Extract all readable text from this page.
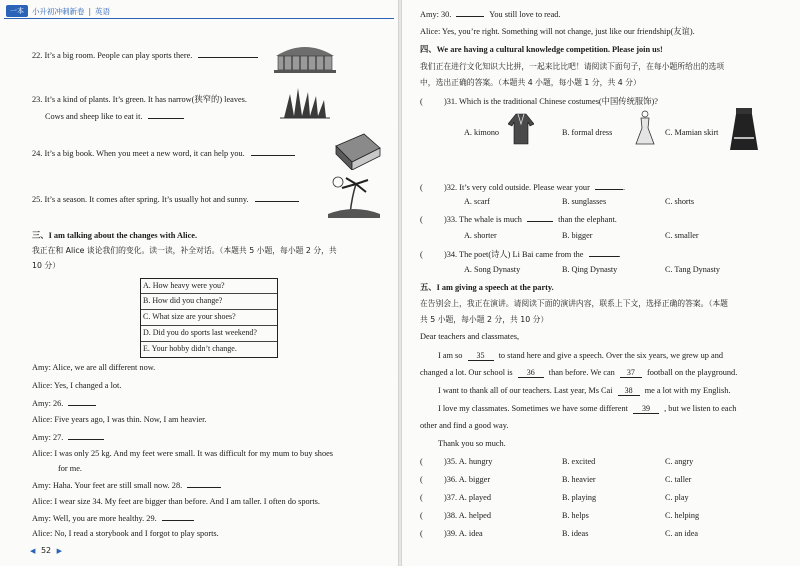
一本	小升初冲刺新卷 | 英语
22. It’s a big room. People can play sports there.
23. It’s a kind of plants. It’s green. It has narrow(狭窄的) leaves.
Cows and sheep like to eat it.
24. It’s a big book. When you meet a new word, it can help you.
25. It’s a season. It comes after spring. It’s usually hot and sunny.
三、I am talking about the changes with Alice.
我正在和 Alice 谈论我们的变化。读一读，补全对话。（本题共 5 小题，每小题 2 分，共
10 分）
A. How heavy were you?
B. How did you change?
C. What size are your shoes?
D. Did you do sports last weekend?
E. Your hobby didn’t change.
Amy: Alice, we are all different now.
Alice: Yes, I changed a lot.
Amy: 26.
Alice: Five years ago, I was thin. Now, I am heavier.
Amy: 27.
Alice: I was only 25 kg. And my feet were small. It was difficult for my mum to buy shoes
for me.
Amy: Haha. Your feet are still small now. 28.
Alice: I wear size 34. My feet are bigger than before. And I am taller. I often do sports.
Amy: Well, you are more healthy. 29.
Alice: No, I read a storybook and I forgot to play sports.
◀ 52 ▶
Amy: 30.	You still love to read.
Alice: Yes, you’re right. Something will not change, just like our friendship(友谊).
四、We are having a cultural knowledge competition. Please join us!
我们正在进行文化知识大比拼，一起来比比吧！请阅读下面句子，在每小题所给出的选项
中，选出正确的答案。（本题共 4 小题，每小题 1 分，共 4 分）
(	)31. Which is the traditional Chinese costumes(中国传统服饰)?
A. kimono	B. formal dress	C. Mamian skirt
(	)32. It’s very cold outside. Please wear your	.
A. scarf	B. sunglasses	C. shorts
(	)33. The whale is much	than the elephant.
A. shorter	B. bigger	C. smaller
(	)34. The poet(诗人) Li Bai came from the	.
A. Song Dynasty	B. Qing Dynasty	C. Tang Dynasty
五、I am giving a speech at the party.
在告别会上，我正在演讲。请阅读下面的演讲内容，联系上下文，选择正确的答案。（本题
共 5 小题，每小题 2 分，共 10 分）
Dear teachers and classmates,
I am so 35 to stand here and give a speech. Over the six years, we grew up and
changed a lot. Our school is 36 than before. We can 37 football on the playground.
I want to thank all of our teachers. Last year, Ms Cai 38 me a lot with my English.
I love my classmates. Sometimes we have some different 39 , but we listen to each
other and find a good way.
Thank you so much.
(	)35. A. hungry	B. excited	C. angry
(	)36. A. bigger	B. heavier	C. taller
(	)37. A. played	B. playing	C. play
(	)38. A. helped	B. helps	C. helping
(	)39. A. idea	B. ideas	C. an idea
